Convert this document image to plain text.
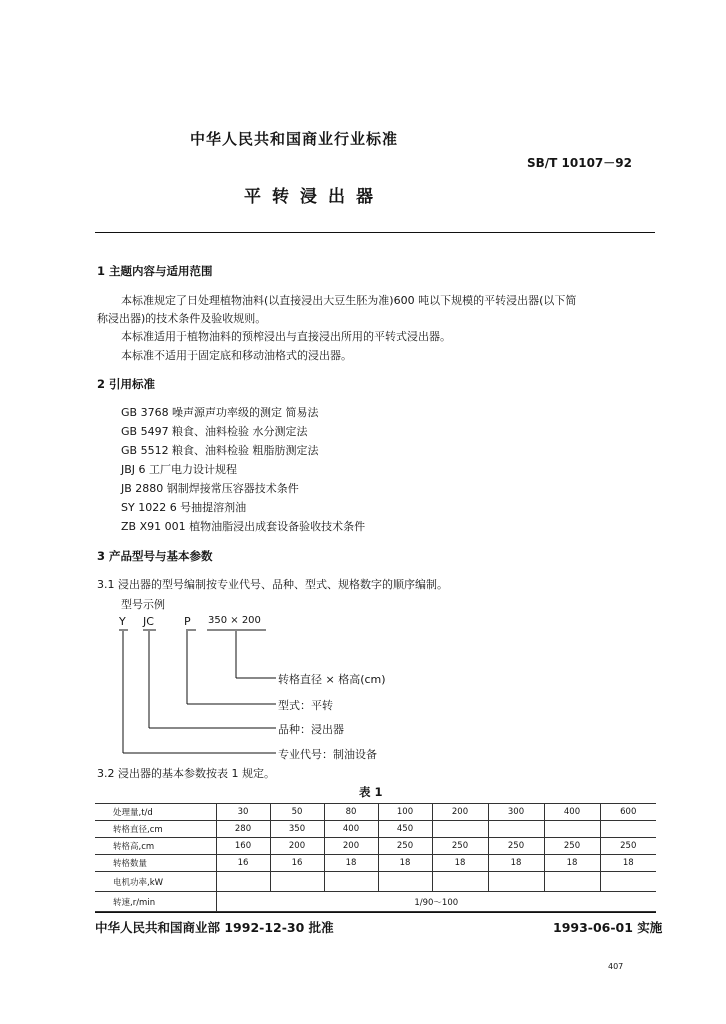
中华人民共和国商业行业标准
SB/T 10107－92
平转浸出器
1 主题内容与适用范围
本标准规定了日处理植物油料(以直接浸出大豆生胚为准)600 吨以下规模的平转浸出器(以下简
称浸出器)的技术条件及验收规则。
本标准适用于植物油料的预榨浸出与直接浸出所用的平转式浸出器。
本标准不适用于固定底和移动油格式的浸出器。
2 引用标准
GB 3768 噪声源声功率级的测定 简易法
GB 5497 粮食、油料检验 水分测定法
GB 5512 粮食、油料检验 粗脂肪测定法
JBJ 6 工厂电力设计规程
JB 2880 钢制焊接常压容器技术条件
SY 1022 6 号抽提溶剂油
ZB X91 001 植物油脂浸出成套设备验收技术条件
3 产品型号与基本参数
3.1 浸出器的型号编制按专业代号、品种、型式、规格数字的顺序编制。
型号示例
Y JC	P 350 × 200
转格直径 × 格高(cm)
型式：平转
品种：浸出器
专业代号：制油设备
3.2 浸出器的基本参数按表 1 规定。
表 1
处理量,t/d	30	50	80	100	200	300	400	600
转格直径,cm	280	350	400	450				
转格高,cm	160	200	200	250	250	250	250	250
转格数量	16	16	18	18	18	18	18	18
电机功率,kW								
转速,r/min	1/90～100							
中华人民共和国商业部 1992-12-30 批准	1993-06-01 实施
407
